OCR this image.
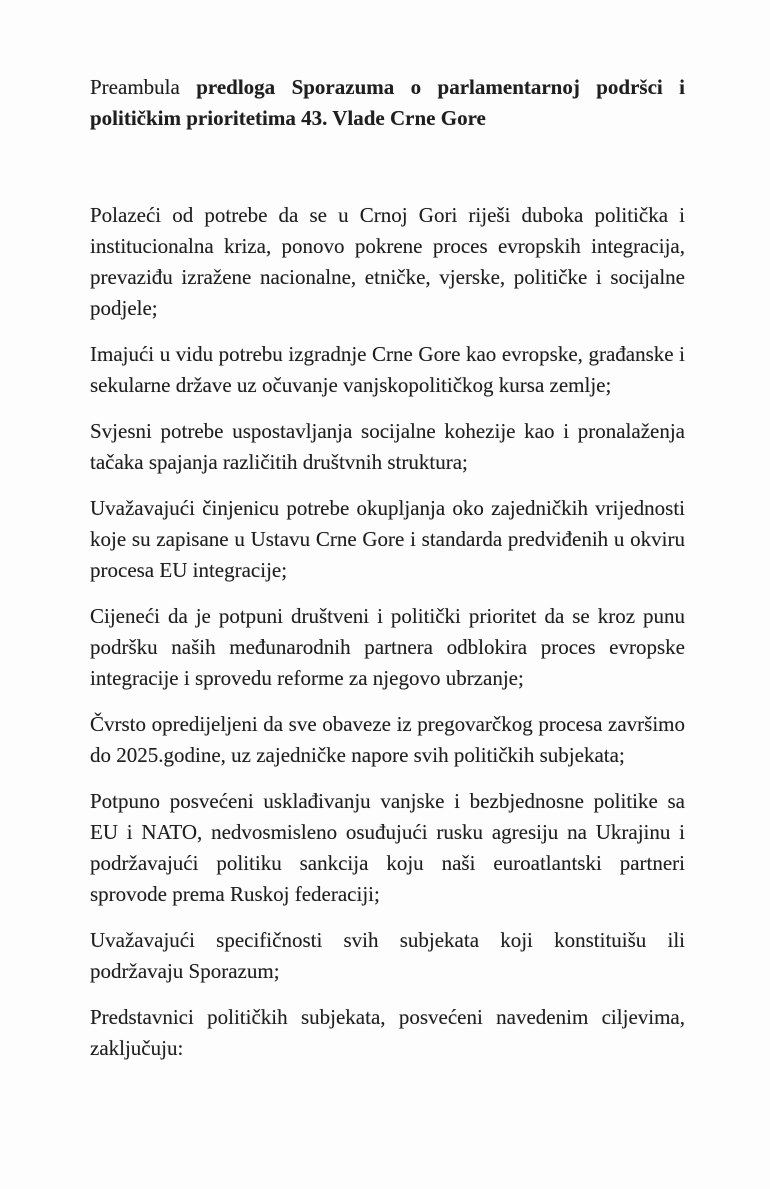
Preambula predloga Sporazuma o parlamentarnoj podršci i političkim prioritetima 43. Vlade Crne Gore

Polazeći od potrebe da se u Crnoj Gori riješi duboka politička i institucionalna kriza, ponovo pokrene proces evropskih integracija, prevaziđu izražene nacionalne, etničke, vjerske, političke i socijalne podjele;

Imajući u vidu potrebu izgradnje Crne Gore kao evropske, građanske i sekularne države uz očuvanje vanjskopolitičkog kursa zemlje;

Svjesni potrebe uspostavljanja socijalne kohezije kao i pronalaženja tačaka spajanja različitih društvnih struktura;

Uvažavajući činjenicu potrebe okupljanja oko zajedničkih vrijednosti koje su zapisane u Ustavu Crne Gore i standarda predviđenih u okviru procesa EU integracije;

Cijeneći da je potpuni društveni i politički prioritet da se kroz punu podršku naših međunarodnih partnera odblokira proces evropske integracije i sprovedu reforme za njegovo ubrzanje;

Čvrsto opredijeljeni da sve obaveze iz pregovarčkog procesa završimo do 2025.godine, uz zajedničke napore svih političkih subjekata;

Potpuno posvećeni usklađivanju vanjske i bezbjednosne politike sa EU i NATO, nedvosmisleno osuđujući rusku agresiju na Ukrajinu i podržavajući politiku sankcija koju naši euroatlantski partneri sprovode prema Ruskoj federaciji;

Uvažavajući specifičnosti svih subjekata koji konstituišu ili podržavaju Sporazum;

Predstavnici političkih subjekata, posvećeni navedenim ciljevima, zaključuju:
